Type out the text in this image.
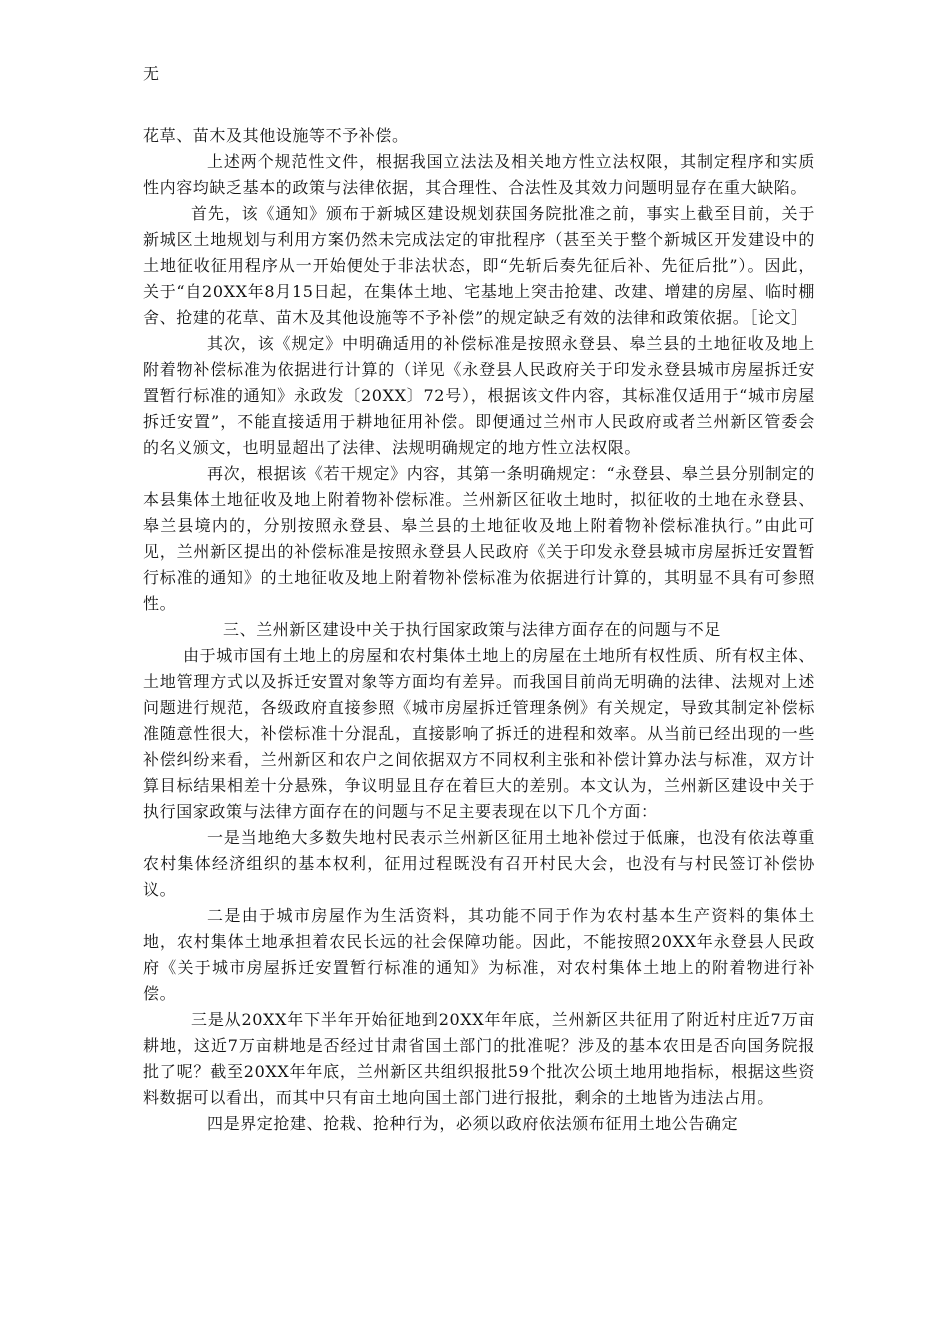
无

花草、苗木及其他设施等不予补偿。

上述两个规范性文件，根据我国立法法及相关地方性立法权限，其制定程序和实质性内容均缺乏基本的政策与法律依据，其合理性、合法性及其效力问题明显存在重大缺陷。

首先，该《通知》颁布于新城区建设规划获国务院批准之前，事实上截至目前，关于新城区土地规划与利用方案仍然未完成法定的审批程序（甚至关于整个新城区开发建设中的土地征收征用程序从一开始便处于非法状态，即“先斩后奏先征后补、先征后批”）。因此，关于“自20XX年8月15日起，在集体土地、宅基地上突击抢建、改建、增建的房屋、临时棚舍、抢建的花草、苗木及其他设施等不予补偿”的规定缺乏有效的法律和政策依据。［论文］

其次，该《规定》中明确适用的补偿标准是按照永登县、皋兰县的土地征收及地上附着物补偿标准为依据进行计算的（详见《永登县人民政府关于印发永登县城市房屋拆迁安置暂行标准的通知》永政发〔20XX〕72号），根据该文件内容，其标准仅适用于“城市房屋拆迁安置”，不能直接适用于耕地征用补偿。即便通过兰州市人民政府或者兰州新区管委会的名义颁文，也明显超出了法律、法规明确规定的地方性立法权限。

再次，根据该《若干规定》内容，其第一条明确规定：“永登县、皋兰县分别制定的本县集体土地征收及地上附着物补偿标准。兰州新区征收土地时，拟征收的土地在永登县、皋兰县境内的，分别按照永登县、皋兰县的土地征收及地上附着物补偿标准执行。”由此可见，兰州新区提出的补偿标准是按照永登县人民政府《关于印发永登县城市房屋拆迁安置暂行标准的通知》的土地征收及地上附着物补偿标准为依据进行计算的，其明显不具有可参照性。

三、兰州新区建设中关于执行国家政策与法律方面存在的问题与不足

由于城市国有土地上的房屋和农村集体土地上的房屋在土地所有权性质、所有权主体、土地管理方式以及拆迁安置对象等方面均有差异。而我国目前尚无明确的法律、法规对上述问题进行规范，各级政府直接参照《城市房屋拆迁管理条例》有关规定，导致其制定补偿标准随意性很大，补偿标准十分混乱，直接影响了拆迁的进程和效率。从当前已经出现的一些补偿纠纷来看，兰州新区和农户之间依据双方不同权利主张和补偿计算办法与标准，双方计算目标结果相差十分悬殊，争议明显且存在着巨大的差别。本文认为，兰州新区建设中关于执行国家政策与法律方面存在的问题与不足主要表现在以下几个方面：

一是当地绝大多数失地村民表示兰州新区征用土地补偿过于低廉，也没有依法尊重农村集体经济组织的基本权利，征用过程既没有召开村民大会，也没有与村民签订补偿协议。

二是由于城市房屋作为生活资料，其功能不同于作为农村基本生产资料的集体土地，农村集体土地承担着农民长远的社会保障功能。因此，不能按照20XX年永登县人民政府《关于城市房屋拆迁安置暂行标准的通知》为标准，对农村集体土地上的附着物进行补偿。

三是从20XX年下半年开始征地到20XX年年底，兰州新区共征用了附近村庄近7万亩耕地，这近7万亩耕地是否经过甘肃省国土部门的批准呢？涉及的基本农田是否向国务院报批了呢？截至20XX年年底，兰州新区共组织报批59个批次公顷土地用地指标，根据这些资料数据可以看出，而其中只有亩土地向国土部门进行报批，剩余的土地皆为违法占用。

四是界定抢建、抢栽、抢种行为，必须以政府依法颁布征用土地公告确定
